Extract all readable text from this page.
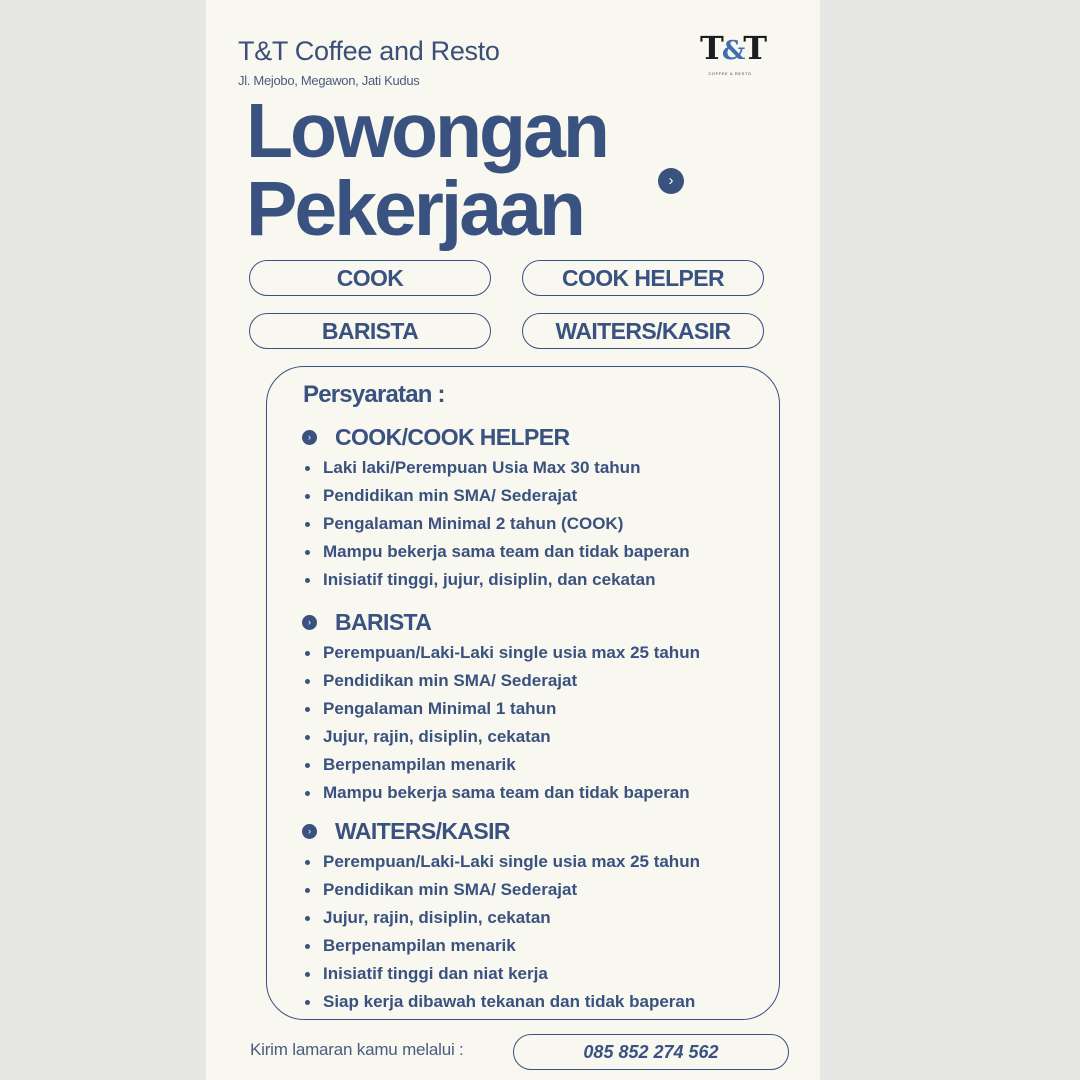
T&T Coffee and Resto
Jl. Mejobo, Megawon, Jati Kudus
T&T
COFFEE & RESTO
Lowongan
Pekerjaan	›
COOK	COOK HELPER
BARISTA	WAITERS/KASIR
Persyaratan :
› COOK/COOK HELPER
Laki laki/Perempuan Usia Max 30 tahun
Pendidikan min SMA/ Sederajat
Pengalaman Minimal 2 tahun (COOK)
Mampu bekerja sama team dan tidak baperan
Inisiatif tinggi, jujur, disiplin, dan cekatan
› BARISTA
Perempuan/Laki-Laki single usia max 25 tahun
Pendidikan min SMA/ Sederajat
Pengalaman Minimal 1 tahun
Jujur, rajin, disiplin, cekatan
Berpenampilan menarik
Mampu bekerja sama team dan tidak baperan
› WAITERS/KASIR
Perempuan/Laki-Laki single usia max 25 tahun
Pendidikan min SMA/ Sederajat
Jujur, rajin, disiplin, cekatan
Berpenampilan menarik
Inisiatif tinggi dan niat kerja
Siap kerja dibawah tekanan dan tidak baperan
Kirim lamaran kamu melalui :	085 852 274 562
